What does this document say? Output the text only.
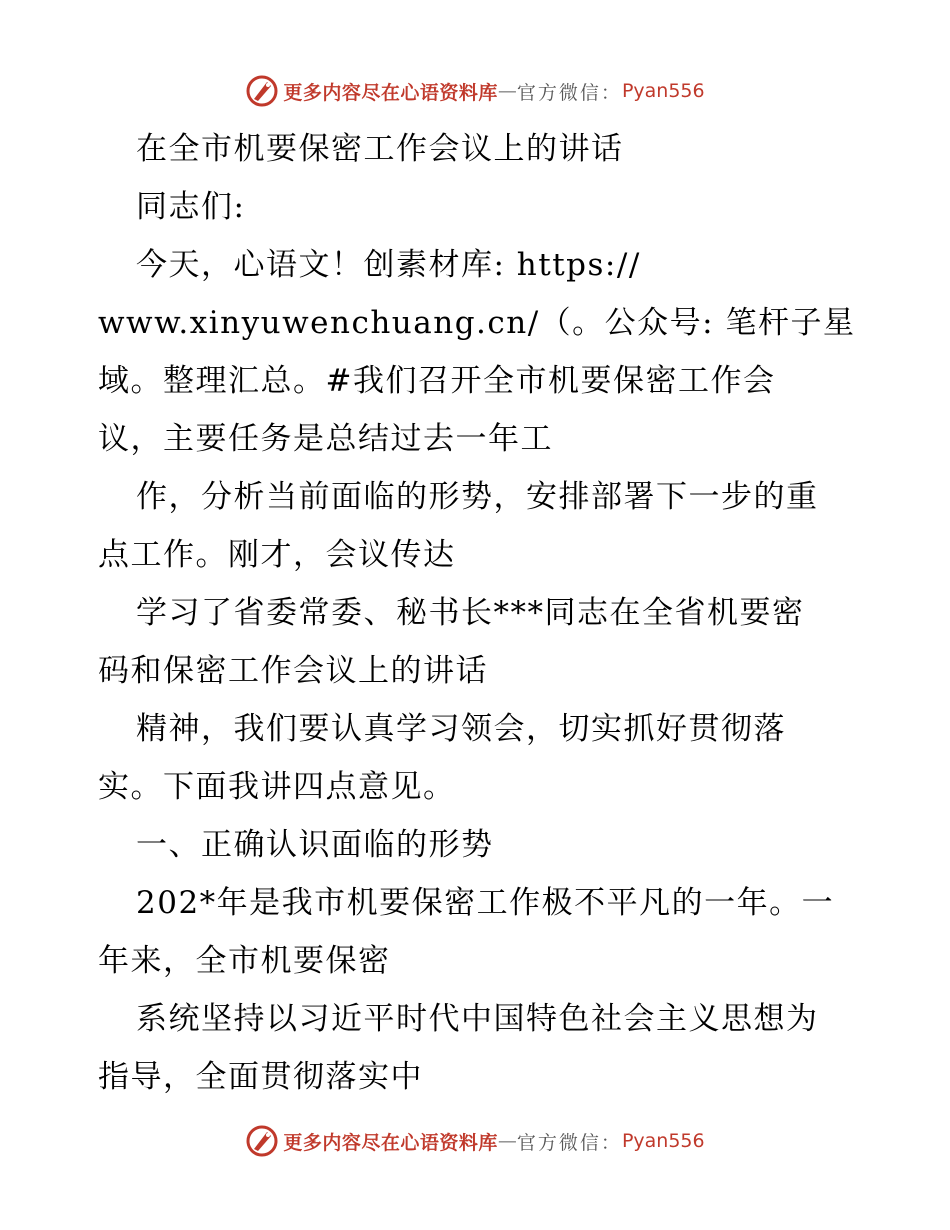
更多内容尽在心语资料库 — 官方微信： Pyan556
在全市机要保密工作会议上的讲话
同志们:
今天，心语文！创素材库: https://
www.xinyuwenchuang.cn/（。公众号: 笔杆子星
域。整理汇总。#我们召开全市机要保密工作会
议，主要任务是总结过去一年工
作，分析当前面临的形势，安排部署下一步的重
点工作。刚才，会议传达
学习了省委常委、秘书长***同志在全省机要密
码和保密工作会议上的讲话
精神，我们要认真学习领会，切实抓好贯彻落
实。下面我讲四点意见。
一、正确认识面临的形势
202*年是我市机要保密工作极不平凡的一年。一
年来，全市机要保密
系统坚持以习近平时代中国特色社会主义思想为
指导，全面贯彻落实中
更多内容尽在心语资料库 — 官方微信： Pyan556
